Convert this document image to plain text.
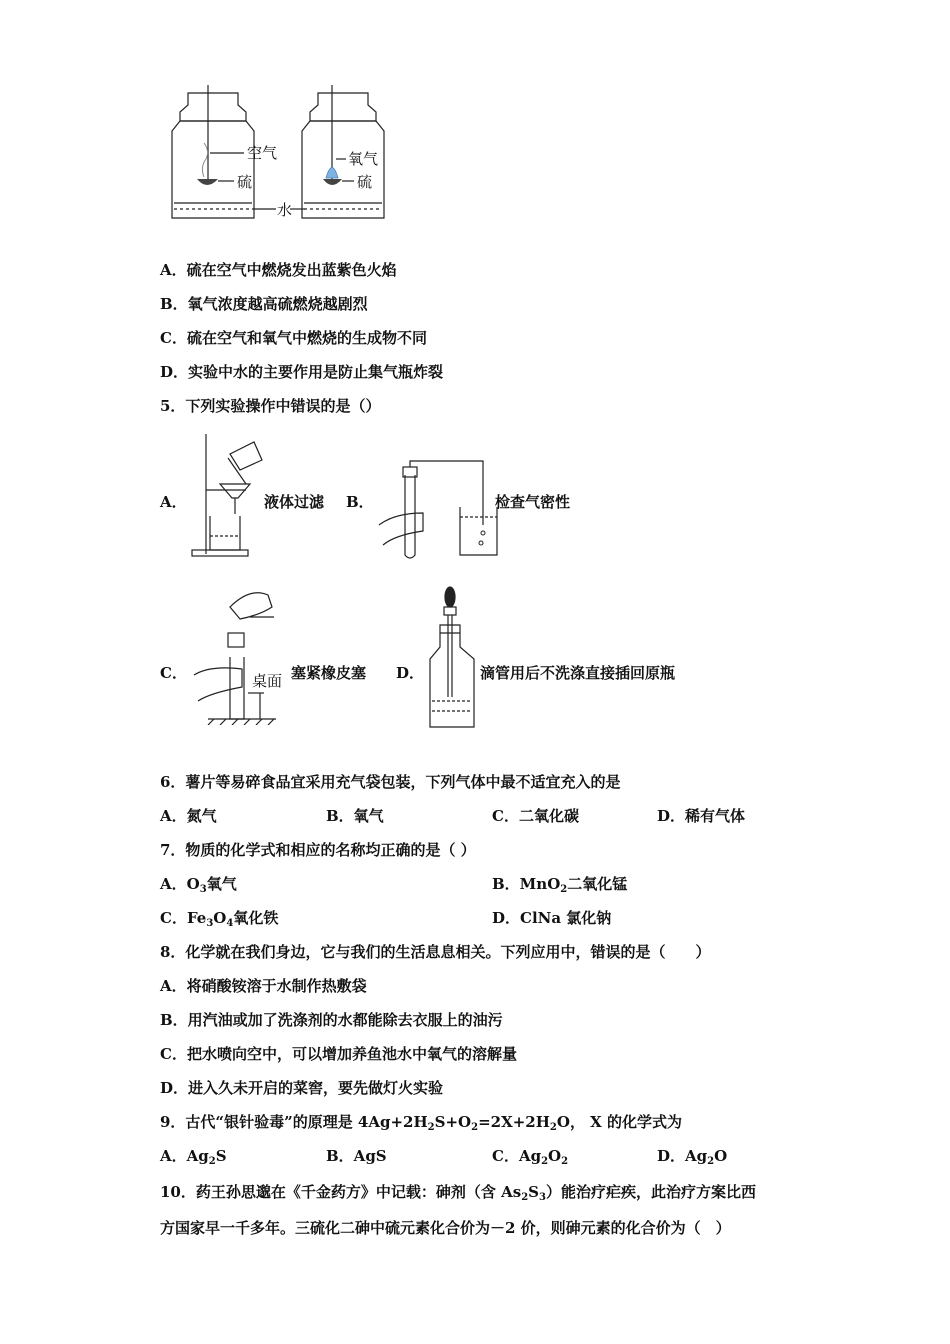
空气
硫
氧气
硫
水
A．硫在空气中燃烧发出蓝紫色火焰
B．氧气浓度越高硫燃烧越剧烈
C．硫在空气和氧气中燃烧的生成物不同
D．实验中水的主要作用是防止集气瓶炸裂
5．下列实验操作中错误的是（）
A．	液体过滤 B．	检查气密性
C．	桌面 塞紧橡皮塞 D．	滴管用后不洗涤直接插回原瓶
6．薯片等易碎食品宜采用充气袋包装，下列气体中最不适宜充入的是
A．氮气	B．氧气	C．二氧化碳	D．稀有气体
7．物质的化学式和相应的名称均正确的是（ ）
A．$O_3$氧气	B．MnO$_2$二氧化锰
C．$Fe_3O_4$氧化铁	D．ClNa 氯化钠
8．化学就在我们身边，它与我们的生活息息相关。下列应用中，错误的是（　　）
A．将硝酸铵溶于水制作热敷袋
B．用汽油或加了洗涤剂的水都能除去衣服上的油污
C．把水喷向空中，可以增加养鱼池水中氧气的溶解量
D．进入久未开启的菜窖，要先做灯火实验
9．古代“银针验毒”的原理是 $4Ag+2H_2S+O_2=2X+2H_2O$， X 的化学式为
A．$Ag_2S$	B．AgS	C．$Ag_2O_2$	D．$Ag_2O$
10．药王孙思邈在《千金药方》中记载：砷剂（含 $As_2S_3$）能治疗疟疾，此治疗方案比西
方国家早一千多年。三硫化二砷中硫元素化合价为－2 价，则砷元素的化合价为（　）
